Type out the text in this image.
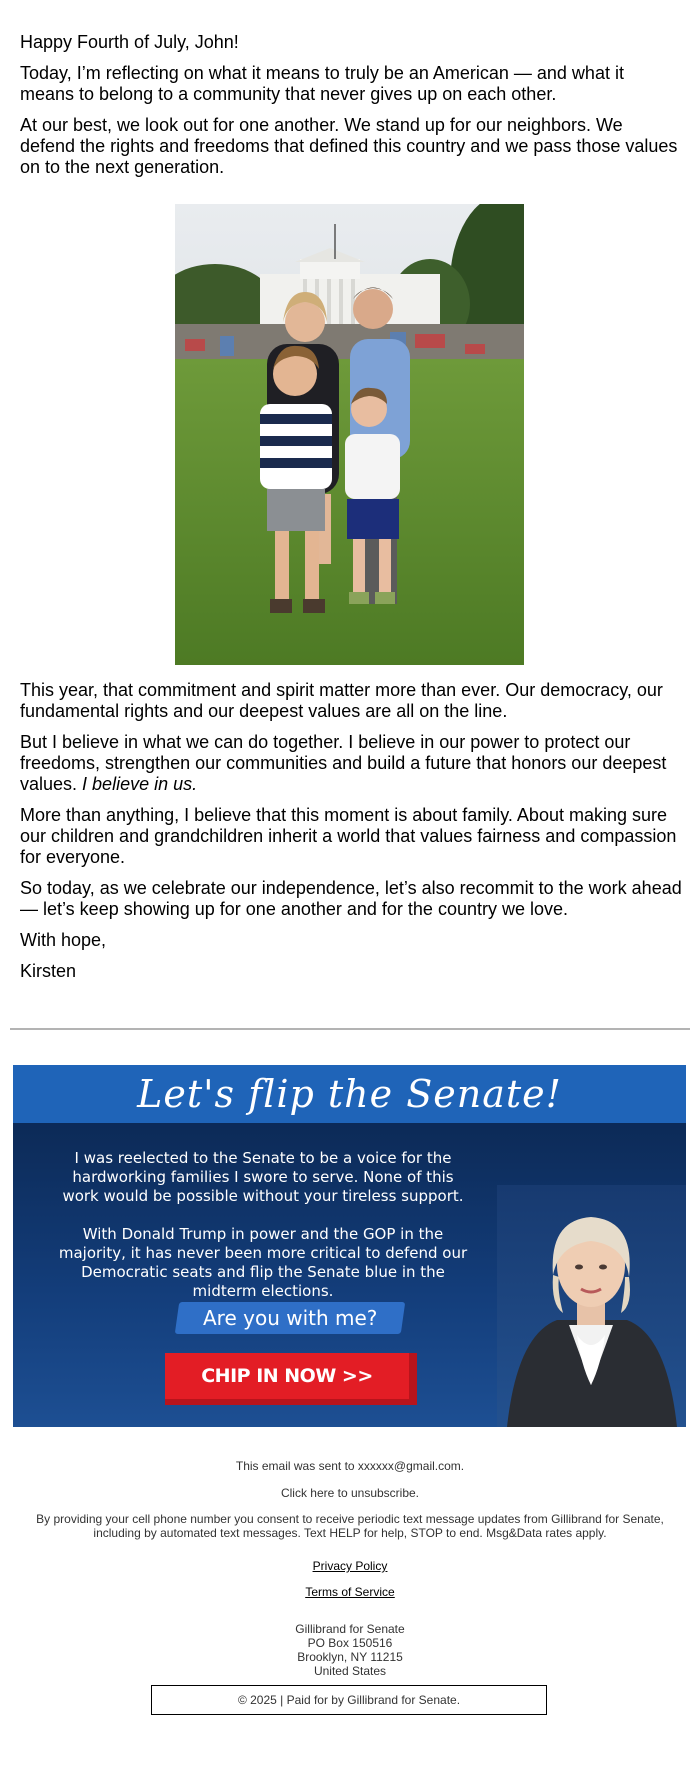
Happy Fourth of July, John!

Today, I’m reflecting on what it means to truly be an American — and what it means to belong to a community that never gives up on each other.

At our best, we look out for one another. We stand up for our neighbors. We defend the rights and freedoms that defined this country and we pass those values on to the next generation.

This year, that commitment and spirit matter more than ever. Our democracy, our fundamental rights and our deepest values are all on the line.

But I believe in what we can do together. I believe in our power to protect our freedoms, strengthen our communities and build a future that honors our deepest values. I believe in us.

More than anything, I believe that this moment is about family. About making sure our children and grandchildren inherit a world that values fairness and compassion for everyone.

So today, as we celebrate our independence, let’s also recommit to the work ahead — let’s keep showing up for one another and for the country we love.

With hope,

Kirsten

Let's flip the Senate!
I was reelected to the Senate to be a voice for the hardworking families I swore to serve. None of this work would be possible without your tireless support.
With Donald Trump in power and the GOP in the majority, it has never been more critical to defend our Democratic seats and flip the Senate blue in the midterm elections.
Are you with me?
CHIP IN NOW >>
This email was sent to xxxxxx@gmail.com.
Click here to unsubscribe.
By providing your cell phone number you consent to receive periodic text message updates from Gillibrand for Senate, including by automated text messages. Text HELP for help, STOP to end. Msg&Data rates apply.
Privacy Policy
Terms of Service
Gillibrand for Senate
PO Box 150516
Brooklyn, NY 11215
United States
© 2025 | Paid for by Gillibrand for Senate.
